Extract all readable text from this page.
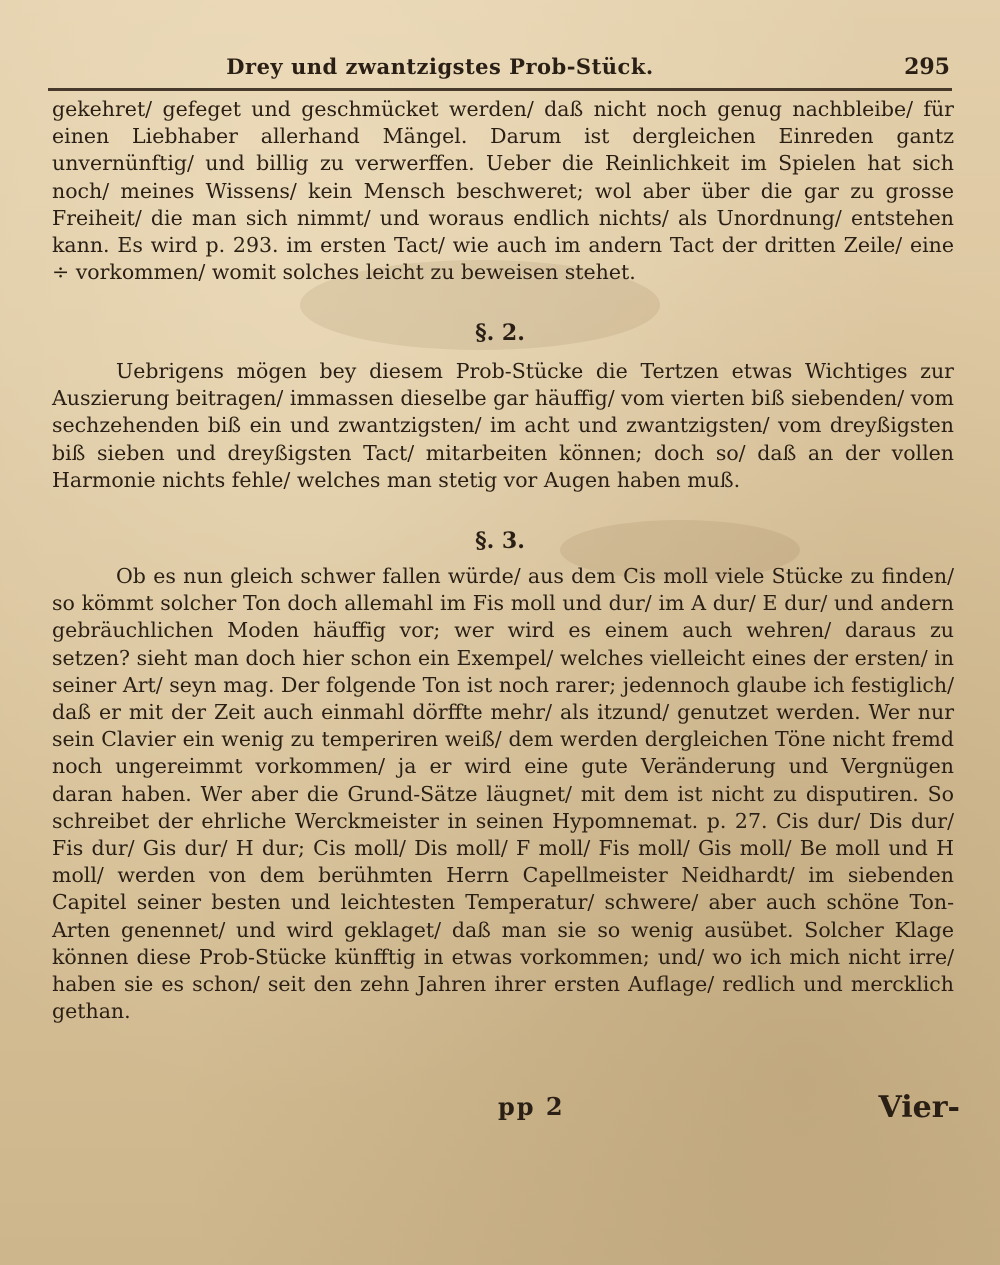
Drey und zwantzigstes Prob-Stück.	295
gekehret/ gefeget und geschmücket werden/ daß nicht noch genug nachbleibe/ für einen Liebhaber allerhand Mängel. Darum ist dergleichen Einreden gantz unvernünftig/ und billig zu verwerffen. Ueber die Reinlichkeit im Spielen hat sich noch/ meines Wissens/ kein Mensch beschweret; wol aber über die gar zu grosse Freiheit/ die man sich nimmt/ und woraus endlich nichts/ als Unordnung/ entstehen kann. Es wird p. 293. im ersten Tact/ wie auch im andern Tact der dritten Zeile/ eine ÷ vorkommen/ womit solches leicht zu beweisen stehet.
§. 2.
Uebrigens mögen bey diesem Prob-Stücke die Tertzen etwas Wichtiges zur Auszierung beitragen/ immassen dieselbe gar häuffig/ vom vierten biß siebenden/ vom sechzehenden biß ein und zwantzigsten/ im acht und zwantzigsten/ vom dreyßigsten biß sieben und dreyßigsten Tact/ mitarbeiten können; doch so/ daß an der vollen Harmonie nichts fehle/ welches man stetig vor Augen haben muß.
§. 3.
Ob es nun gleich schwer fallen würde/ aus dem Cis moll viele Stücke zu finden/ so kömmt solcher Ton doch allemahl im Fis moll und dur/ im A dur/ E dur/ und andern gebräuchlichen Moden häuffig vor; wer wird es einem auch wehren/ daraus zu setzen? sieht man doch hier schon ein Exempel/ welches vielleicht eines der ersten/ in seiner Art/ seyn mag. Der folgende Ton ist noch rarer; jedennoch glaube ich festiglich/ daß er mit der Zeit auch einmahl dörffte mehr/ als itzund/ genutzet werden. Wer nur sein Clavier ein wenig zu temperiren weiß/ dem werden dergleichen Töne nicht fremd noch ungereimmt vorkommen/ ja er wird eine gute Veränderung und Vergnügen daran haben. Wer aber die Grund-Sätze läugnet/ mit dem ist nicht zu disputiren. So schreibet der ehrliche Werckmeister in seinen Hypomnemat. p. 27. Cis dur/ Dis dur/ Fis dur/ Gis dur/ H dur; Cis moll/ Dis moll/ F moll/ Fis moll/ Gis moll/ Be moll und H moll/ werden von dem berühmten Herrn Capellmeister Neidhardt/ im siebenden Capitel seiner besten und leichtesten Temperatur/ schwere/ aber auch schöne Ton-Arten genennet/ und wird geklaget/ daß man sie so wenig ausübet. Solcher Klage können diese Prob-Stücke künfftig in etwas vorkommen; und/ wo ich mich nicht irre/ haben sie es schon/ seit den zehn Jahren ihrer ersten Auflage/ redlich und mercklich gethan.
pp 2	Vier-
